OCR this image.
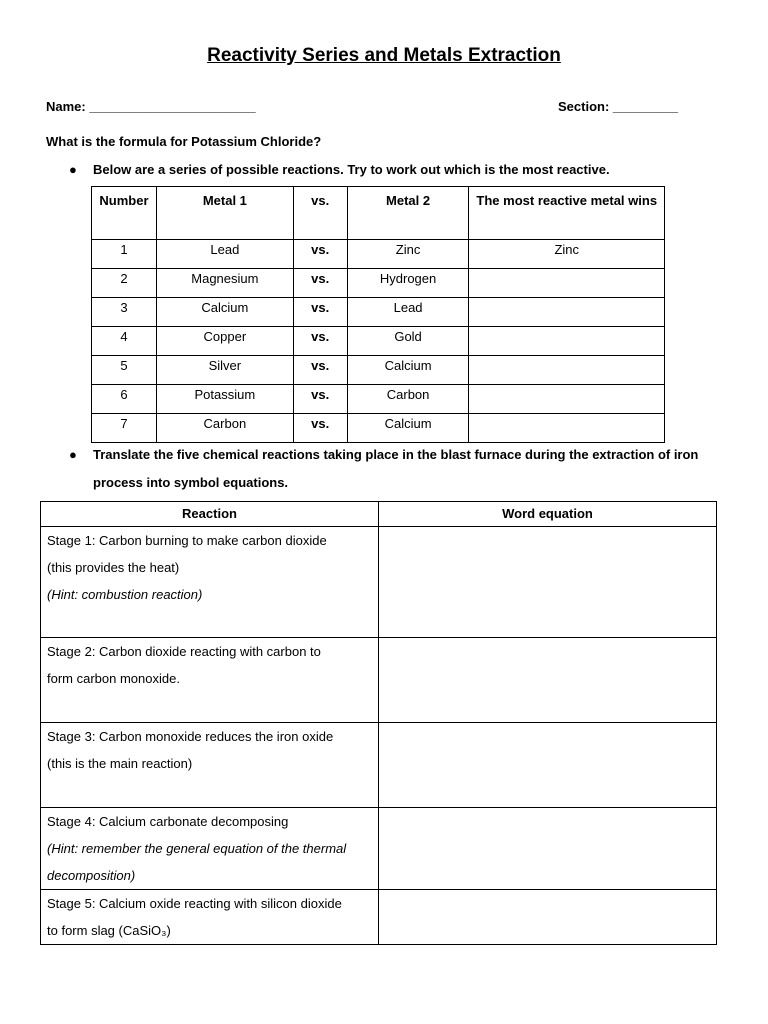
Reactivity Series and Metals Extraction
Name: _______________________	Section: _________
What is the formula for Potassium Chloride?
● Below are a series of possible reactions. Try to work out which is the most reactive.
Number	Metal 1	vs.	Metal 2	The most reactive metal wins
1	Lead	vs.	Zinc	Zinc
2	Magnesium	vs.	Hydrogen	
3	Calcium	vs.	Lead	
4	Copper	vs.	Gold	
5	Silver	vs.	Calcium	
6	Potassium	vs.	Carbon	
7	Carbon	vs.	Calcium	
● Translate the five chemical reactions taking place in the blast furnace during the extraction of iron process into symbol equations.
Reaction	Word equation

Stage 1: Carbon burning to make carbon dioxide
(this provides the heat)
(Hint: combustion reaction)	

Stage 2: Carbon dioxide reacting with carbon to
form carbon monoxide.	

Stage 3: Carbon monoxide reduces the iron oxide
(this is the main reaction)	

Stage 4: Calcium carbonate decomposing
(Hint: remember the general equation of the thermal decomposition)	

Stage 5: Calcium oxide reacting with silicon dioxide
to form slag (CaSiO₃)	
